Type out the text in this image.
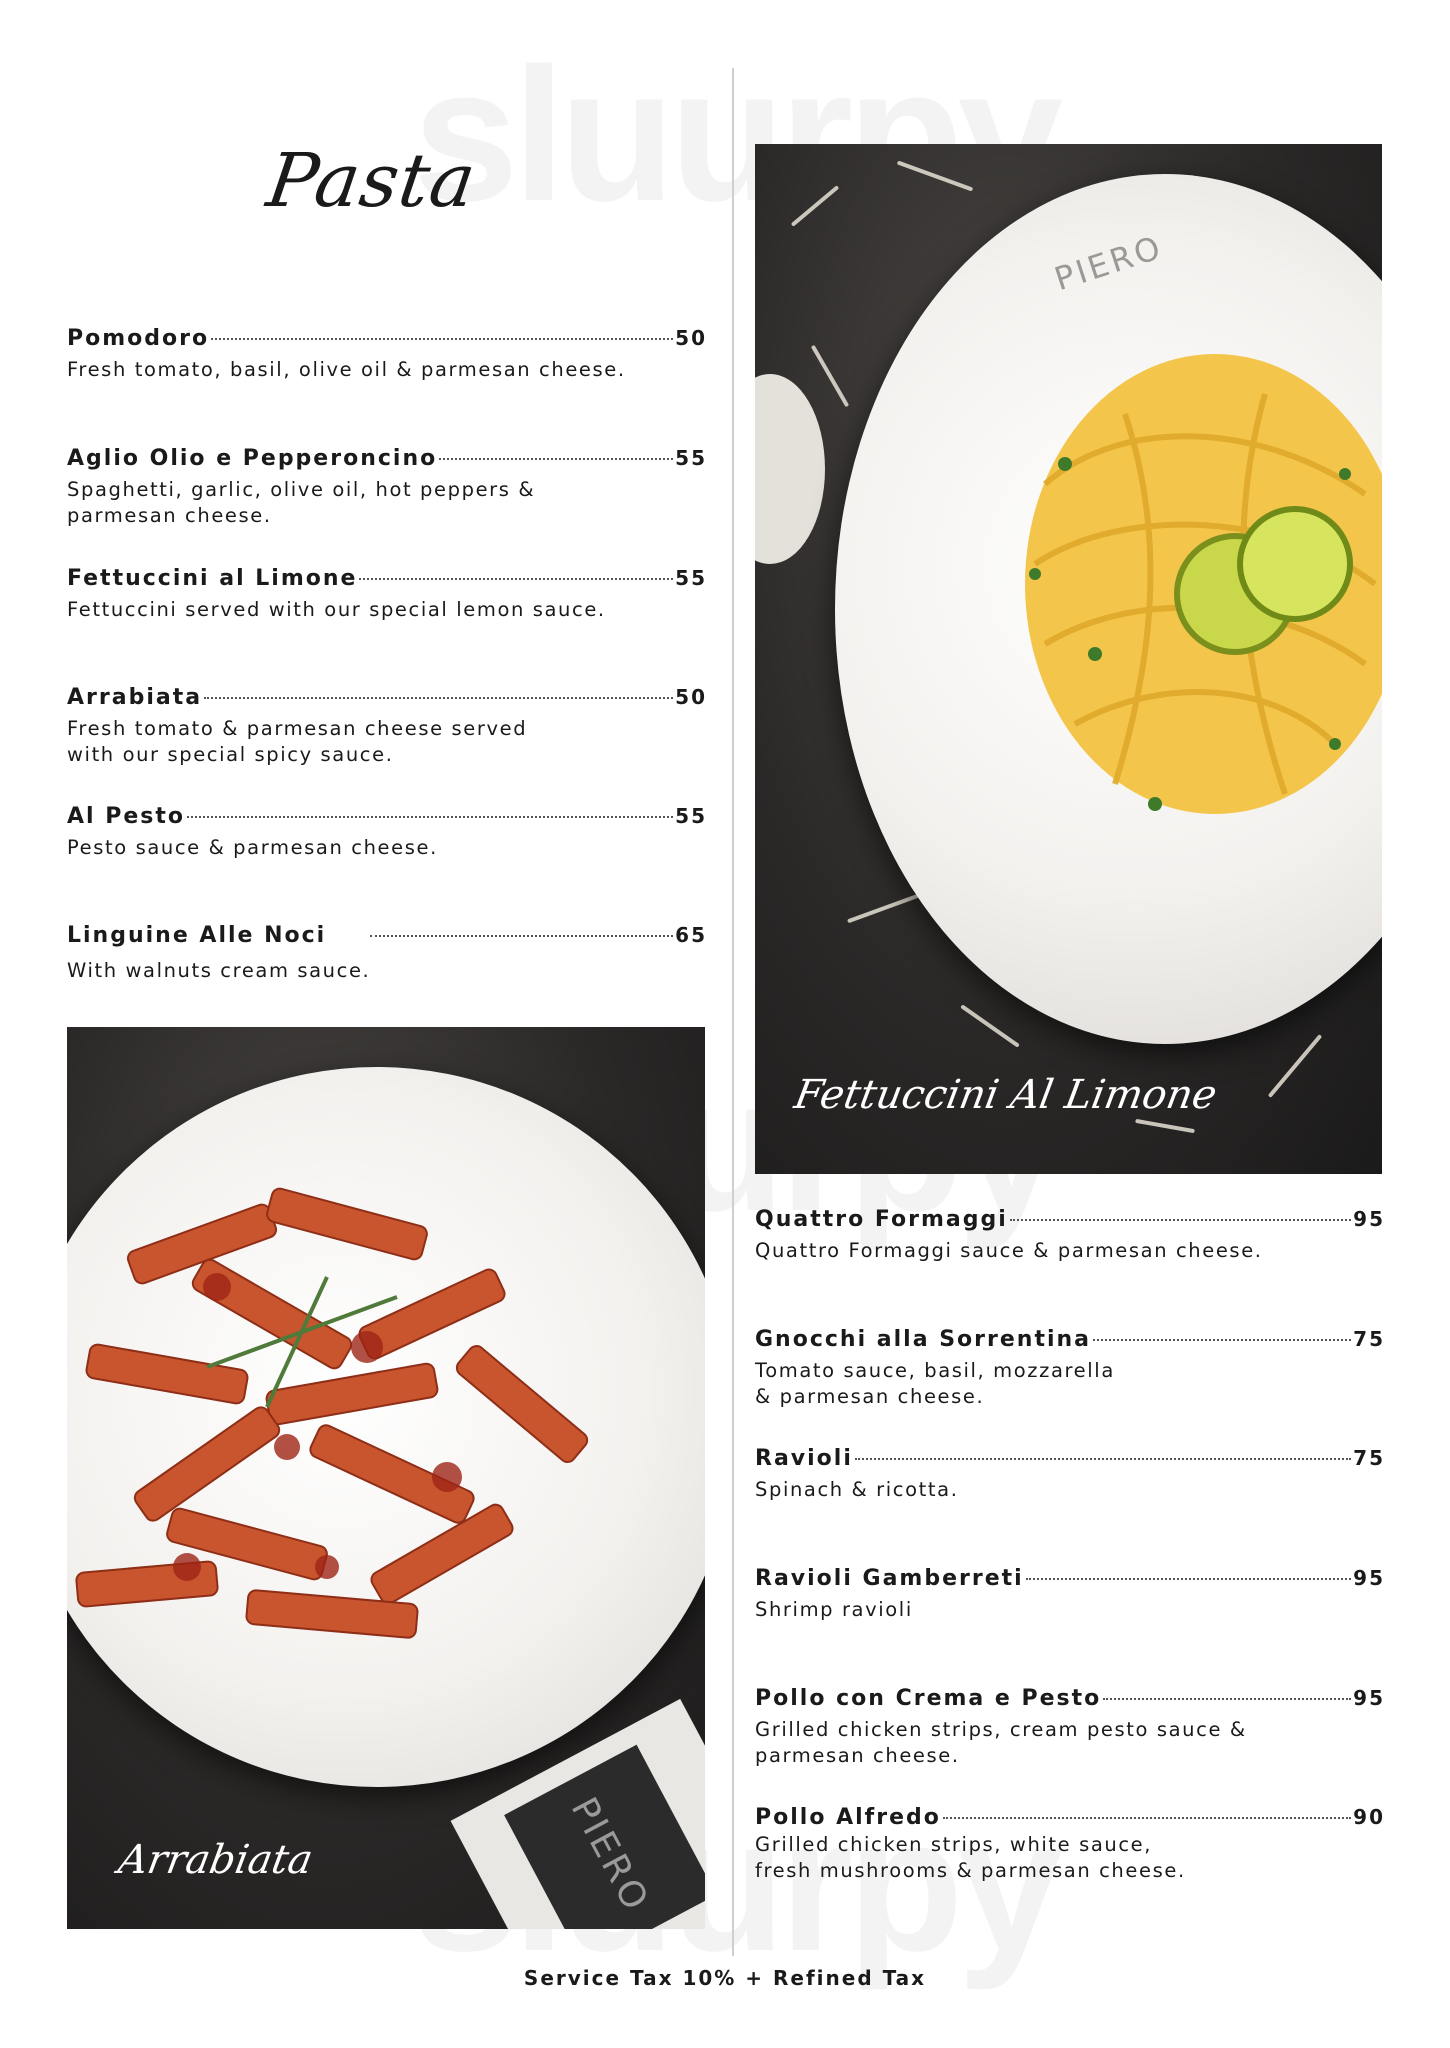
Pasta
Pomodoro	50
Fresh tomato, basil, olive oil & parmesan cheese.
Aglio Olio e Pepperoncino	55
Spaghetti, garlic, olive oil, hot peppers &
parmesan cheese.
Fettuccini al Limone	55
Fettuccini served with our special lemon sauce.
Arrabiata	50
Fresh tomato & parmesan cheese served
with our special spicy sauce.
Al Pesto	55
Pesto sauce & parmesan cheese.
Linguine Alle Noci	65
With walnuts cream sauce.
PIERO
Arrabiata
PIERO
Fettuccini Al Limone
Quattro Formaggi	95
Quattro Formaggi sauce & parmesan cheese.
Gnocchi alla Sorrentina	75
Tomato sauce, basil, mozzarella
& parmesan cheese.
Ravioli	75
Spinach & ricotta.
Ravioli Gamberreti	95
Shrimp ravioli
Pollo con Crema e Pesto	95
Grilled chicken strips, cream pesto sauce &
parmesan cheese.
Pollo Alfredo	90
Grilled chicken strips, white sauce,
fresh mushrooms & parmesan cheese.
Service Tax 10% + Refined Tax
